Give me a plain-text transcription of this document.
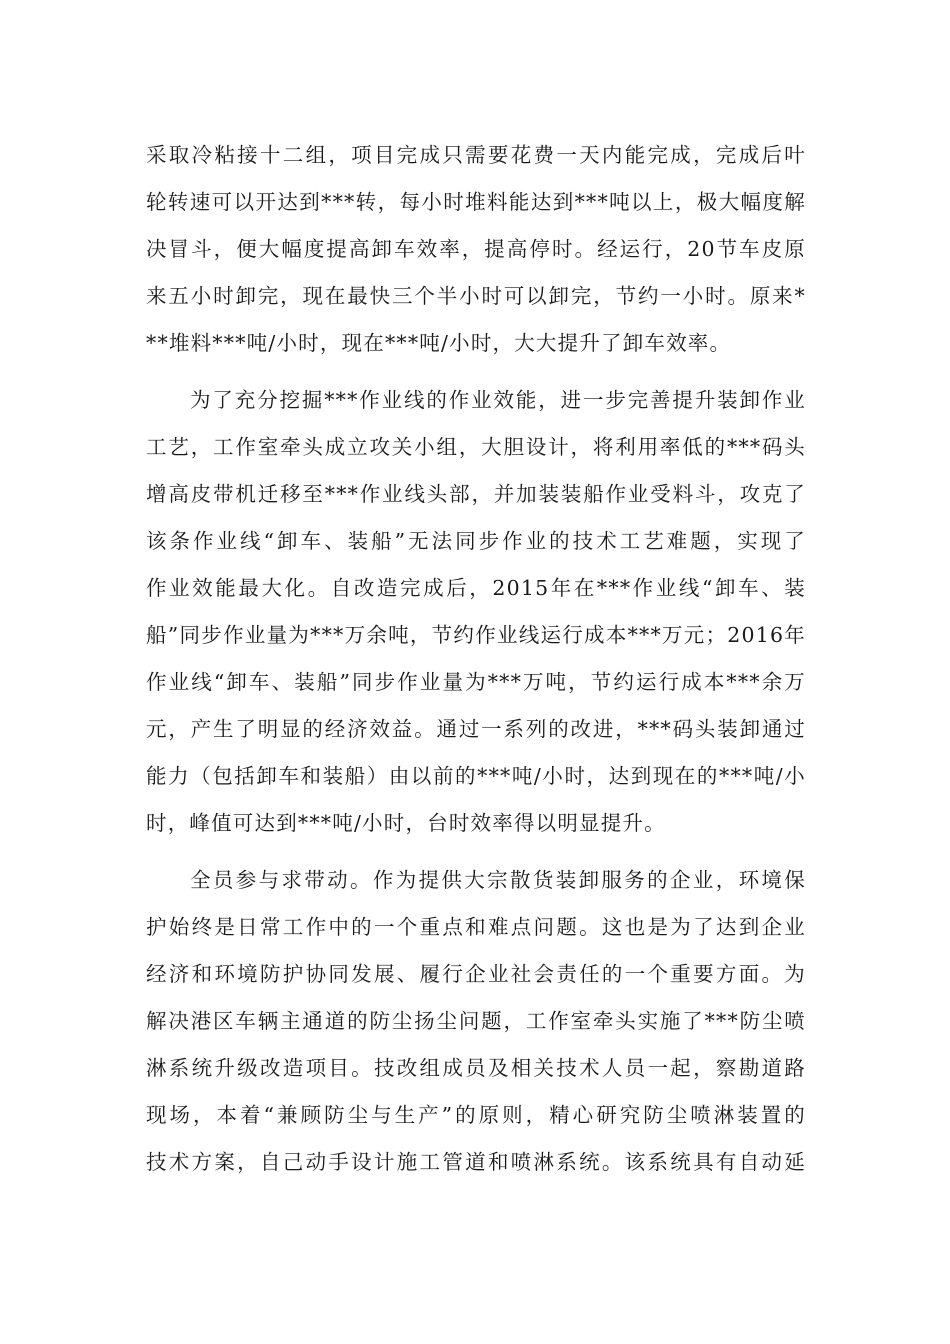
采取冷粘接十二组，项目完成只需要花费一天内能完成，完成后叶
轮转速可以开达到***转，每小时堆料能达到***吨以上，极大幅度解
决冒斗，便大幅度提高卸车效率，提高停时。经运行，20节车皮原
来五小时卸完，现在最快三个半小时可以卸完，节约一小时。原来*
**堆料***吨/小时，现在***吨/小时，大大提升了卸车效率。
为了充分挖掘***作业线的作业效能，进一步完善提升装卸作业
工艺，工作室牵头成立攻关小组，大胆设计，将利用率低的***码头
增高皮带机迁移至***作业线头部，并加装装船作业受料斗，攻克了
该条作业线“卸车、装船”无法同步作业的技术工艺难题，实现了
作业效能最大化。自改造完成后，2015年在***作业线“卸车、装
船”同步作业量为***万余吨，节约作业线运行成本***万元；2016年
作业线“卸车、装船”同步作业量为***万吨，节约运行成本***余万
元，产生了明显的经济效益。通过一系列的改进，***码头装卸通过
能力（包括卸车和装船）由以前的***吨/小时，达到现在的***吨/小
时，峰值可达到***吨/小时，台时效率得以明显提升。
全员参与求带动。作为提供大宗散货装卸服务的企业，环境保
护始终是日常工作中的一个重点和难点问题。这也是为了达到企业
经济和环境防护协同发展、履行企业社会责任的一个重要方面。为
解决港区车辆主通道的防尘扬尘问题，工作室牵头实施了***防尘喷
淋系统升级改造项目。技改组成员及相关技术人员一起，察勘道路
现场，本着“兼顾防尘与生产”的原则，精心研究防尘喷淋装置的
技术方案，自己动手设计施工管道和喷淋系统。该系统具有自动延
